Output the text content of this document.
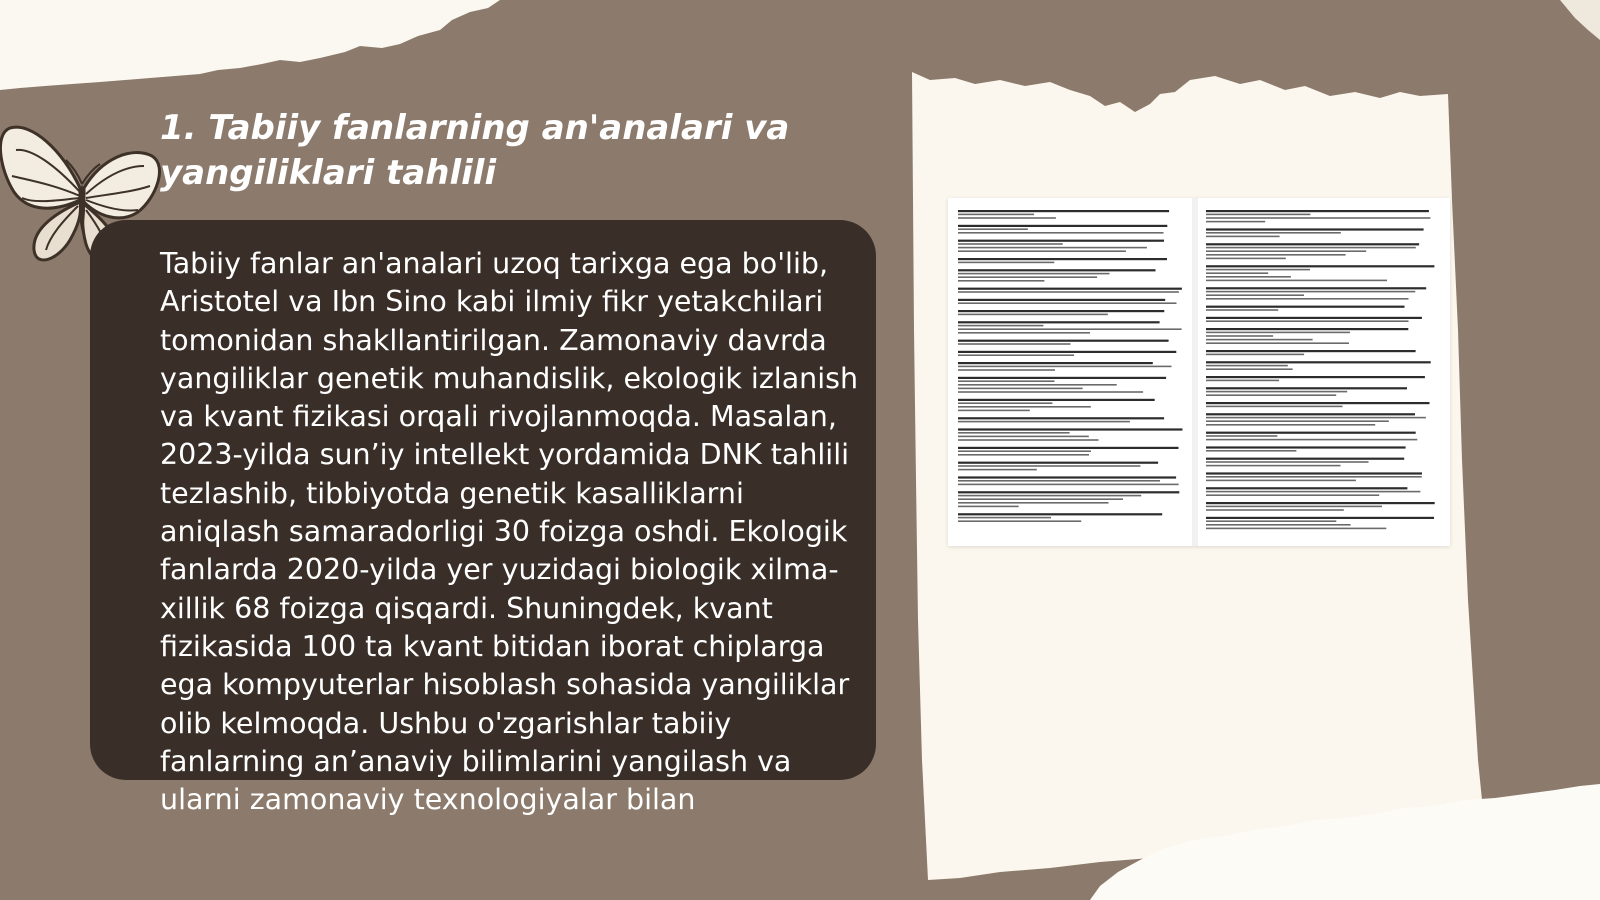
1. Tabiiy fanlarning an'analari va yangiliklari tahlili

Tabiiy fanlar an'analari uzoq tarixga ega bo'lib, Aristotel va Ibn Sino kabi ilmiy fikr yetakchilari tomonidan shakllantirilgan. Zamonaviy davrda yangiliklar genetik muhandislik, ekologik izlanish va kvant fizikasi orqali rivojlanmoqda. Masalan, 2023-yilda sun’iy intellekt yordamida DNK tahlili tezlashib, tibbiyotda genetik kasalliklarni aniqlash samaradorligi 30 foizga oshdi. Ekologik fanlarda 2020-yilda yer yuzidagi biologik xilma-xillik 68 foizga qisqardi. Shuningdek, kvant fizikasida 100 ta kvant bitidan iborat chiplarga ega kompyuterlar hisoblash sohasida yangiliklar olib kelmoqda. Ushbu o'zgarishlar tabiiy fanlarning an’anaviy bilimlarini yangilash va ularni zamonaviy texnologiyalar bilan
